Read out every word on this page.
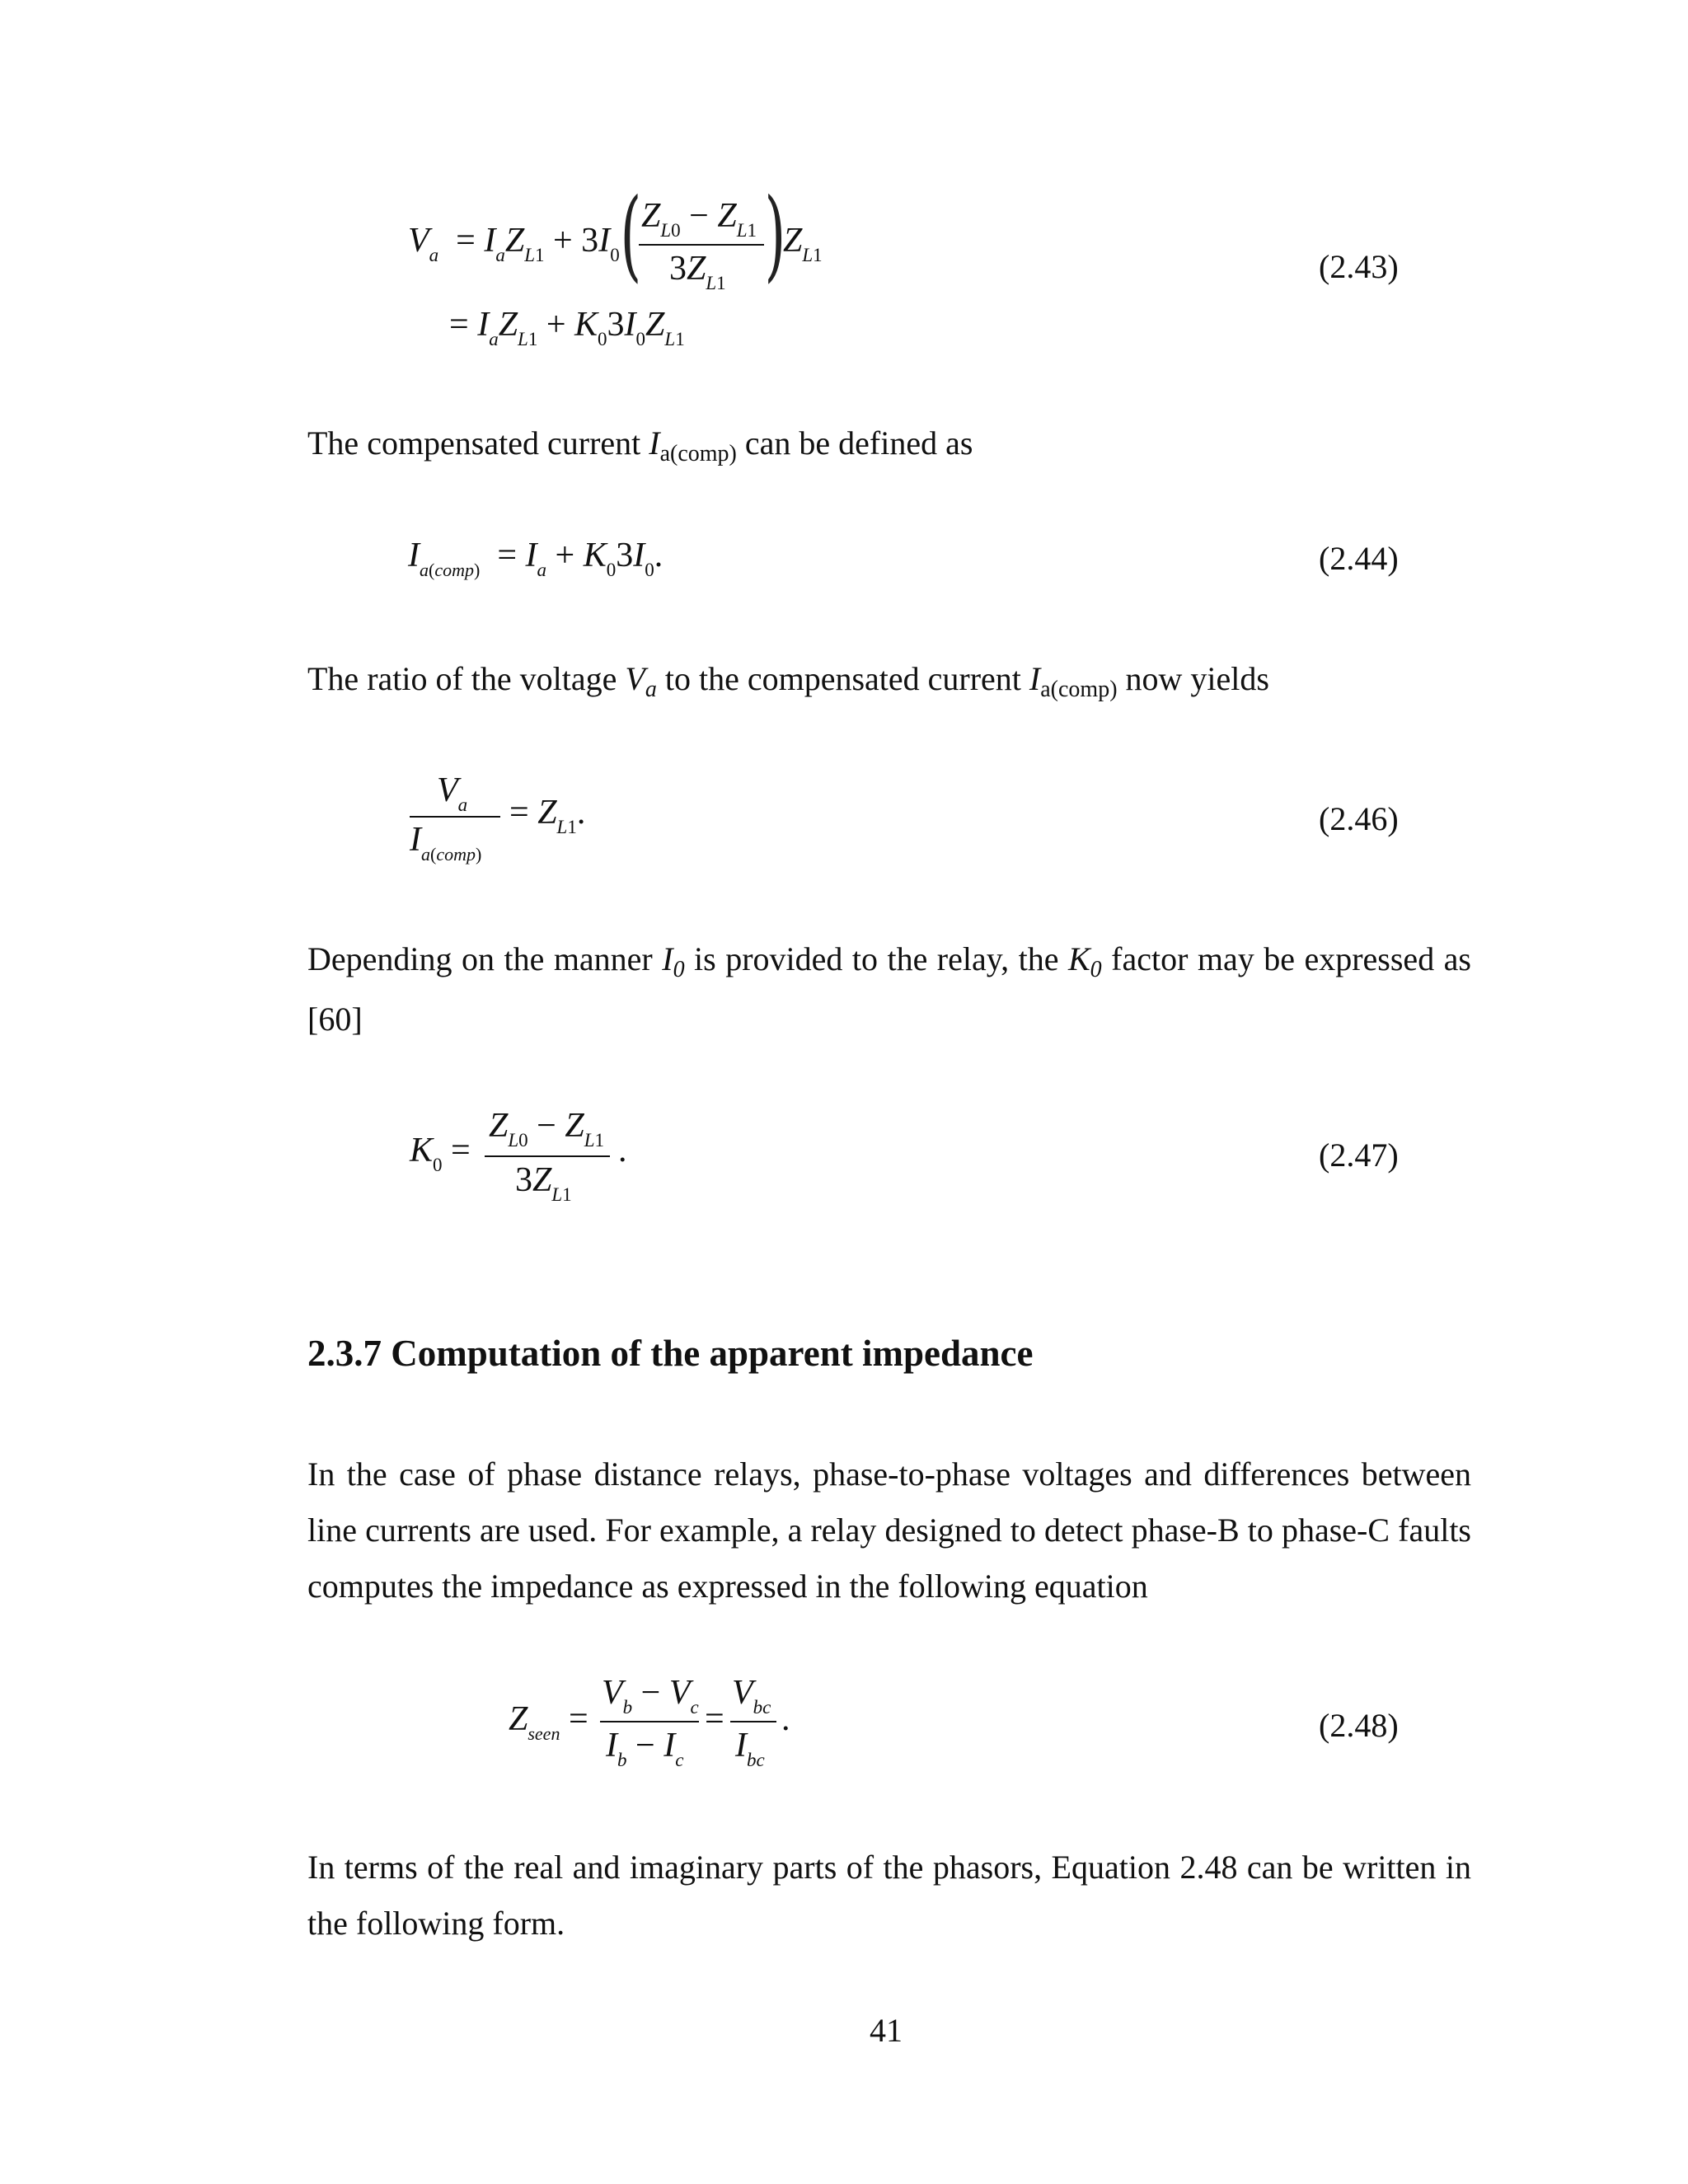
$V_a = I_aZ_{L1} + 3I_0$ ( $Z_{L0} - Z_{L1}$
$3Z_{L1}$ )
$Z_{L1}$
= $I_aZ_{L1} + K_03I_0Z_{L1}$
(2.43)
The compensated current $I_{a(comp)}$ can be defined as
$I_{a(comp)} = I_a + K_03I_0$.	(2.44)
The ratio of the voltage $V_a$ to the compensated current $I_{a(comp)}$ now yields
$V_a$
$I_{a(comp)}$
= $Z_{L1}$.	(2.46)
Depending on the manner $I_0$ is provided to the relay, the $K_0$ factor may be expressed as [60]
$K_0$ =
$Z_{L0} - Z_{L1}$
$3Z_{L1}$
.	(2.47)
2.3.7 Computation of the apparent impedance
In the case of phase distance relays, phase-to-phase voltages and differences between line currents are used. For example, a relay designed to detect phase-B to phase-C faults computes the impedance as expressed in the following equation
$Z_{seen}$ =
$V_b - V_c$
$I_b - I_c$
=
$V_{bc}$
$I_{bc}$
.	(2.48)
In terms of the real and imaginary parts of the phasors, Equation 2.48 can be written in the following form.
41
